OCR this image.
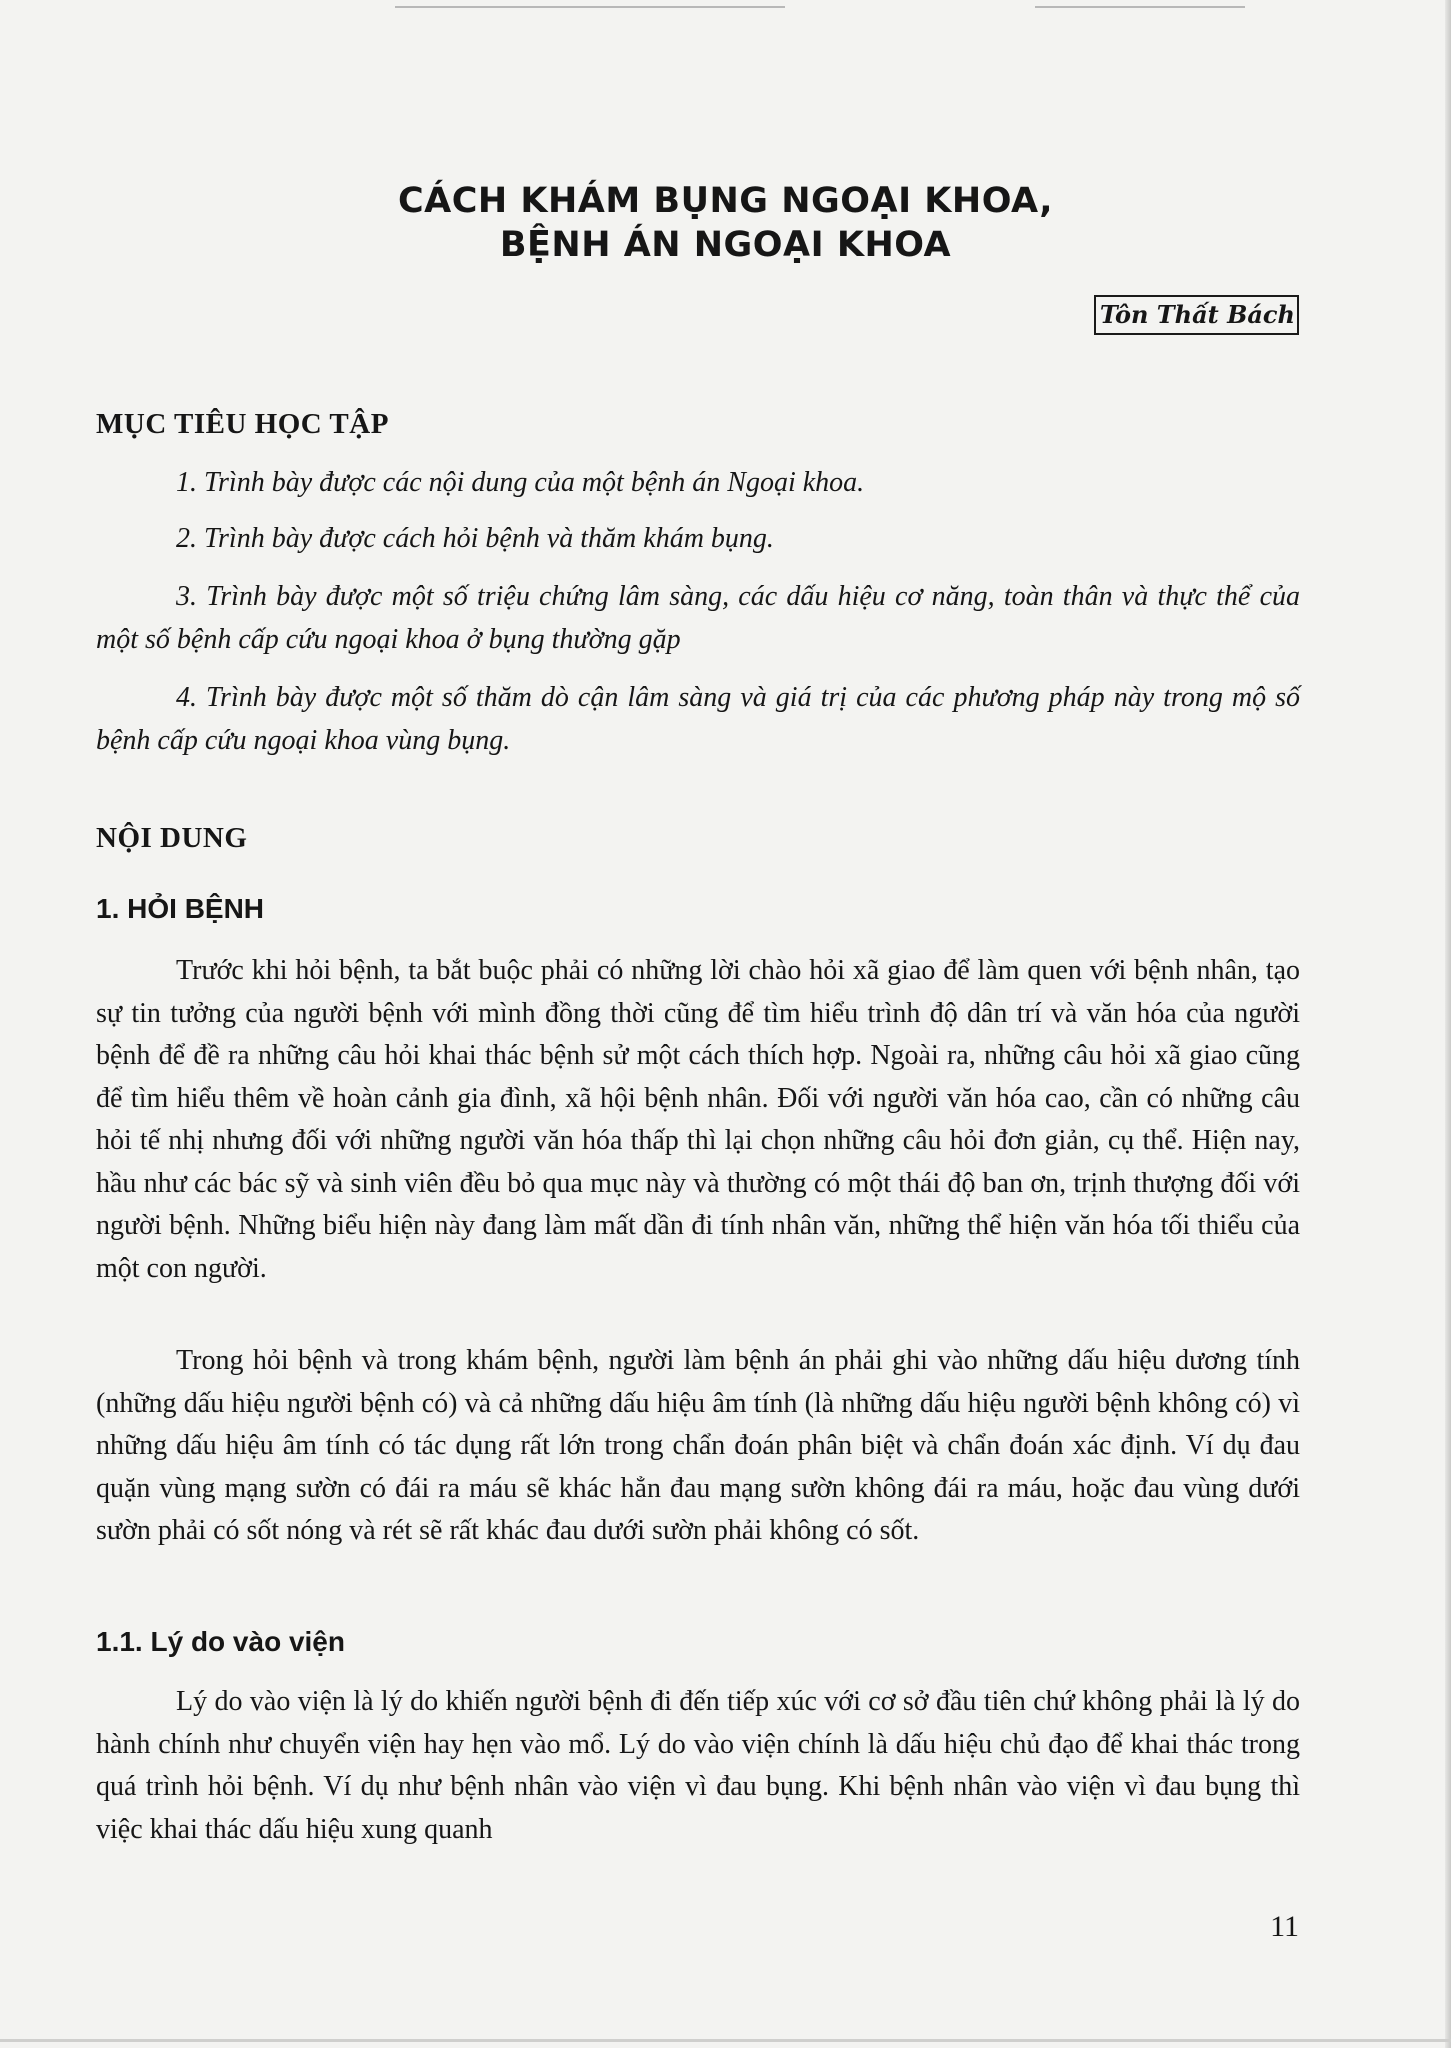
CÁCH KHÁM BỤNG NGOẠI KHOA,
BỆNH ÁN NGOẠI KHOA
Tôn Thất Bách
MỤC TIÊU HỌC TẬP
1. Trình bày được các nội dung của một bệnh án Ngoại khoa.
2. Trình bày được cách hỏi bệnh và thăm khám bụng.
3. Trình bày được một số triệu chứng lâm sàng, các dấu hiệu cơ năng, toàn thân và thực thể của một số bệnh cấp cứu ngoại khoa ở bụng thường gặp
4. Trình bày được một số thăm dò cận lâm sàng và giá trị của các phương pháp này trong mộ số bệnh cấp cứu ngoại khoa vùng bụng.
NỘI DUNG
1. HỎI BỆNH
Trước khi hỏi bệnh, ta bắt buộc phải có những lời chào hỏi xã giao để làm quen với bệnh nhân, tạo sự tin tưởng của người bệnh với mình đồng thời cũng để tìm hiểu trình độ dân trí và văn hóa của người bệnh để đề ra những câu hỏi khai thác bệnh sử một cách thích hợp. Ngoài ra, những câu hỏi xã giao cũng để tìm hiểu thêm về hoàn cảnh gia đình, xã hội bệnh nhân. Đối với người văn hóa cao, cần có những câu hỏi tế nhị nhưng đối với những người văn hóa thấp thì lại chọn những câu hỏi đơn giản, cụ thể. Hiện nay, hầu như các bác sỹ và sinh viên đều bỏ qua mục này và thường có một thái độ ban ơn, trịnh thượng đối với người bệnh. Những biểu hiện này đang làm mất dần đi tính nhân văn, những thể hiện văn hóa tối thiểu của một con người.
Trong hỏi bệnh và trong khám bệnh, người làm bệnh án phải ghi vào những dấu hiệu dương tính (những dấu hiệu người bệnh có) và cả những dấu hiệu âm tính (là những dấu hiệu người bệnh không có) vì những dấu hiệu âm tính có tác dụng rất lớn trong chẩn đoán phân biệt và chẩn đoán xác định. Ví dụ đau quặn vùng mạng sườn có đái ra máu sẽ khác hẳn đau mạng sườn không đái ra máu, hoặc đau vùng dưới sườn phải có sốt nóng và rét sẽ rất khác đau dưới sườn phải không có sốt.
1.1. Lý do vào viện
Lý do vào viện là lý do khiến người bệnh đi đến tiếp xúc với cơ sở đầu tiên chứ không phải là lý do hành chính như chuyển viện hay hẹn vào mổ. Lý do vào viện chính là dấu hiệu chủ đạo để khai thác trong quá trình hỏi bệnh. Ví dụ như bệnh nhân vào viện vì đau bụng. Khi bệnh nhân vào viện vì đau bụng thì việc khai thác dấu hiệu xung quanh
11
